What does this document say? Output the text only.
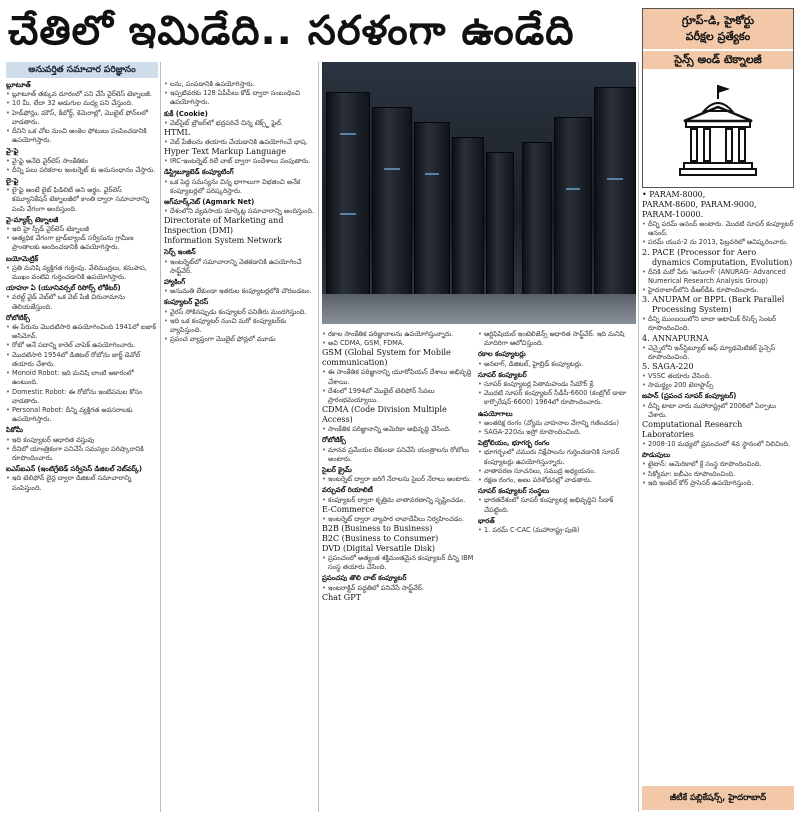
చేతిలో ఇమిడేది.. సరళంగా ఉండేది	గ్రూప్-డి, హైకోర్టు
పరీక్షల ప్రత్యేకం
సైన్స్ అండ్ టెక్నాలజీ
అనువర్తిత సమాచార పరిజ్ఞానం
బ్లూటూత్
• బ్లూటూత్ తక్కువ దూరంలో పని చేసే వైర్‌లెస్ టెక్నాలజీ.
• 10 మీ. లేదా 32 అడుగుల మధ్య పని చేస్తుంది.
• హెడ్‌ఫోన్లు, మౌస్, కీబోర్డ్, కెమెరాల్లో, మొబైల్ ఫోన్‌లలో వాడతారు.
• దీనిని ఒక చోట నుంచి అంకెల ఫోటులు పంపించడానికి ఉపయోగిస్తారు.
వై-ఫై
• వై-ఫై అనేది వైర్‌లెస్ సాంకేతికం
• దీన్ని పలు పరికరాల ఇంటర్నెట్ కు అనుసంధానం చేస్తారు.
లై-ఫై
• లై-ఫై అంటే లైట్ ఫిడిలిటీ అని అర్థం. వైర్‌లెస్ కమ్యూనికేషన్ టెక్నాలజీలో కాంతి ద్వారా సమాచారాన్ని పంపి వేగంగా అందిస్తుంది.
వై-మ్యాక్స్ టెక్నాలజీ
• ఇది హై స్పీడ్ వైర్‌లెస్ టెక్నాలజీ
• అత్యధిక వేగంగా బ్రాడ్‌బ్యాండ్ సర్వీసును గ్రామీణ ప్రాంతాలకు అందించడానికి ఉపయోగిస్తారు.
బయోమెట్రిక్
• ప్రతి మనిషి వ్యక్తిగత గుర్తింపు. వేలిముద్రలు, కనుపాప, ముఖం వంటివి గుర్తించడానికి ఉపయోగిస్తారు.
యాహూ ఏ (యూనివర్సల్ రిసోర్స్ లోకేటర్)
• వరల్డ్ వైడ్ వెబ్‌లో ఒక వెబ్ పేజీ చిరునామాను తెలియజేస్తుంది.
రోబోటిక్స్
• ఈ పేరును మొదటిసారి ఉపయోగించింది 1941లో ఐజాక్ అసిమోవ్.
• రోబో అనే పదాన్ని కారెల్ చాపెక్ ఉపయోగించారు.
• మొదటిసారి 1954లో డిజిటల్ రోబోను జార్జ్ డెవోల్ తయారు చేశారు.
• Monoid Robot: ఇది మనిషి లాంటి ఆకారంలో ఉంటుంది.
• Domestic Robot: ఈ రోబోను ఇంటిపనుల కోసం వాడతారు.
• Personal Robot: దీన్ని వ్యక్తిగత అవసరాలకు ఉపయోగిస్తారు.
పికోమీ
• ఇది కంప్యూటర్ ఆధారిత వస్తువు
• దీనిలో యాంత్రికంగా పనిచేసే సమస్యల పరిష్కారానికి రూపొందించారు.
ఐఎస్‌ఐఎన్‌ (ఇంటిగ్రేటెడ్ సర్వీసెస్ డిజిటల్ నెట్‌వర్క్)
• ఇది టెలిఫోన్ లైన్ల ద్వారా డిజిటల్ సమాచారాన్ని పంపిస్తుంది.
• లను, పంపడానికి ఉపయోగిస్తారు.
• ఇప్పటివరకు 128 ఏపీపీలు కోడ్‌ ద్వారా సంబంధించి ఉపయోగిస్తారు.
కుకీ (Cookie)
• వెబ్‌సైట్ బ్రౌజర్‌లో భద్రపరిచే చిన్న టెక్స్ట్ ఫైల్.
HTML
• వెబ్ పేజీలను తయారు చేయడానికి ఉపయోగించే భాష.
Hyper Text Markup Language
• IRC-ఇంటర్నెట్ రిలే చాట్ ద్వారా సందేశాలు పంపుతారు.
డిస్ట్రిబ్యూటెడ్ కంప్యూటింగ్
• ఒక పెద్ద సమస్యను చిన్న భాగాలుగా విభజించి అనేక కంప్యూటర్లలో పరిష్కరిస్తారు.
అగ్‌మార్క్‌నెట్ (Agmark Net)
• దేశంలోని వ్యవసాయ మార్కెట్ల సమాచారాన్ని అందిస్తుంది.
Directorate of Marketing and Inspection (DMI)
Information System Network
సెర్చ్ ఇంజిన్
• ఇంటర్నెట్‌లో సమాచారాన్ని వెతకడానికి ఉపయోగించే సాఫ్ట్‌వేర్.
హ్యాకింగ్
• అనుమతి లేకుండా ఇతరుల కంప్యూటర్లలోకి చొరబడటం.
కంప్యూటర్ వైరస్
• వైరస్ సోకినప్పుడు కంప్యూటర్ పనితీరు మందగిస్తుంది.
• ఇది ఒక కంప్యూటర్ నుంచి మరో కంప్యూటర్‌కు వ్యాపిస్తుంది.
• ప్రపంచ వ్యాప్తంగా మొబైల్ ఫోన్లలో మూడు
• రకాల సాంకేతిక పరిజ్ఞానాలను ఉపయోగిస్తున్నారు.
• అవి CDMA, GSM, FDMA.
GSM (Global System for Mobile communication)
• ఈ సాంకేతిక పరిజ్ఞానాన్ని యూరోపియన్ దేశాలు అభివృద్ధి చేశాయి.
• దేశంలో 1994లో మొబైల్ టెలిఫోన్ సేవలు ప్రారంభమయ్యాయి.
CDMA (Code Division Multiple Access)
• సాంకేతిక పరిజ్ఞానాన్ని అమెరికా అభివృద్ధి చేసింది.
రోబోటిక్స్
• మానవ ప్రమేయం లేకుండా పనిచేసే యంత్రాలను రోబోలు అంటారు.
సైబర్ క్రైమ్
• ఇంటర్నెట్ ద్వారా జరిగే నేరాలను సైబర్ నేరాలు అంటారు.
వర్చువల్ రియాలిటీ
• కంప్యూటర్ ద్వారా కృత్రిమ వాతావరణాన్ని సృష్టించడం.
E-Commerce
• ఇంటర్నెట్ ద్వారా వ్యాపార లావాదేవీలు నిర్వహించడం.
B2B (Business to Business)
B2C (Business to Consumer)
DVD (Digital Versatile Disk)
• ప్రపంచంలో అత్యంత శక్తిమంతమైన కంప్యూటర్ దీన్ని IBM సంస్థ తయారు చేసింది.
ప్రపంచపు తొలి చాట్ కంప్యూటర్
• ఇంటరాక్టివ్ పద్ధతిలో పనిచేసే సాఫ్ట్‌వేర్.
Chat GPT
• ఆర్టిఫిషియల్ ఇంటెలిజెన్స్ ఆధారిత సాఫ్ట్‌వేర్. ఇది మనిషి మాదిరిగా ఆలోచిస్తుంది.
రకాల కంప్యూటర్లు
• అనలాగ్, డిజిటల్, హైబ్రిడ్ కంప్యూటర్లు.
సూపర్ కంప్యూటర్
• సూపర్ కంప్యూటర్ల పితామహుడు సేమౌర్ క్రే.
• మొదటి సూపర్ కంప్యూటర్ సీడీసీ-6600 (కంట్రోల్ డాటా కార్పొరేషన్-6600) 1964లో రూపొందించారు.
ఉపయోగాలు
• అంతరిక్ష రంగం (వ్యోమ వాహనాల వేగాన్ని గణించడం)
• SAGA-220ను ఇస్రో రూపొందించింది.
పెట్రోలియం, భూగర్భ రంగం
• భూగర్భంలో చమురు నిక్షేపాలను గుర్తించడానికి సూపర్ కంప్యూటర్లు ఉపయోగిస్తున్నారు.
• వాతావరణ సూచనలు, సముద్ర అధ్యయనం.
• రక్షణ రంగం, అణు పరిశోధనల్లో వాడతారు.
సూపర్ కంప్యూటర్ సంస్థలు
• భారతదేశంలో సూపర్ కంప్యూటర్ల అభివృద్ధిని సీడాక్ చేపట్టింది.
భారత్
• 1. పరమ్ C-CAC (మహారాష్ట్ర-పుణె)
• PARAM-8000,
PARAM-8600, PARAM-9000,
PARAM-10000.
• దీన్ని పరమ్ ఆనంద్ అంటారు. మొదటి సూపర్ కంప్యూటర్ ఆనంద్.
• పరమ్ యువ-2 ను 2013, ఫిబ్రవరిలో ఆవిష్కరించారు.
2. PACE (Processor for Aero dynamics Computation, Evolution)
• దీనికి మరో పేరు 'అనురాగ్' (ANURAG- Advanced Numerical Research Analysis Group)
• హైదరాబాద్‌లోని డీఆర్‌డీఓ రూపొందించారు.
3. ANUPAM or BPPL (Bark Parallel Processing System)
• దీన్ని ముంబయిలోని బాబా అటామిక్ రీసెర్చ్ సెంటర్ రూపొందించింది.
4. ANNAPURNA
• చెన్నైలోని ఇన్‌స్టిట్యూట్ ఆఫ్ మ్యాథమెటికల్ సైన్సెస్ రూపొందించింది.
5. SAGA-220
• VSSC తయారు చేసింది.
• సామర్థ్యం 200 టెరాఫ్లాప్స్
జపాన్ (ప్రపంచ సూపర్ కంప్యూటర్)
• దీన్ని టాటా వారు మహారాష్ట్రలో 2006లో ఏర్పాటు చేశారు.
Computational Research Laboratories
• 2008-10 మధ్యలో ప్రపంచంలో 4వ స్థానంలో నిలిచింది.
పొడుపులు
• టైటాన్: అమెరికాలో క్రే సంస్థ రూపొందించింది.
• సిక్యోమా: ఐబీఎం రూపొందించింది.
• ఇది ఇంటెల్ కోర్ ప్రాసెసర్ ఉపయోగిస్తుంది.
జీటీకే పబ్లికేషన్స్, హైదరాబాద్
